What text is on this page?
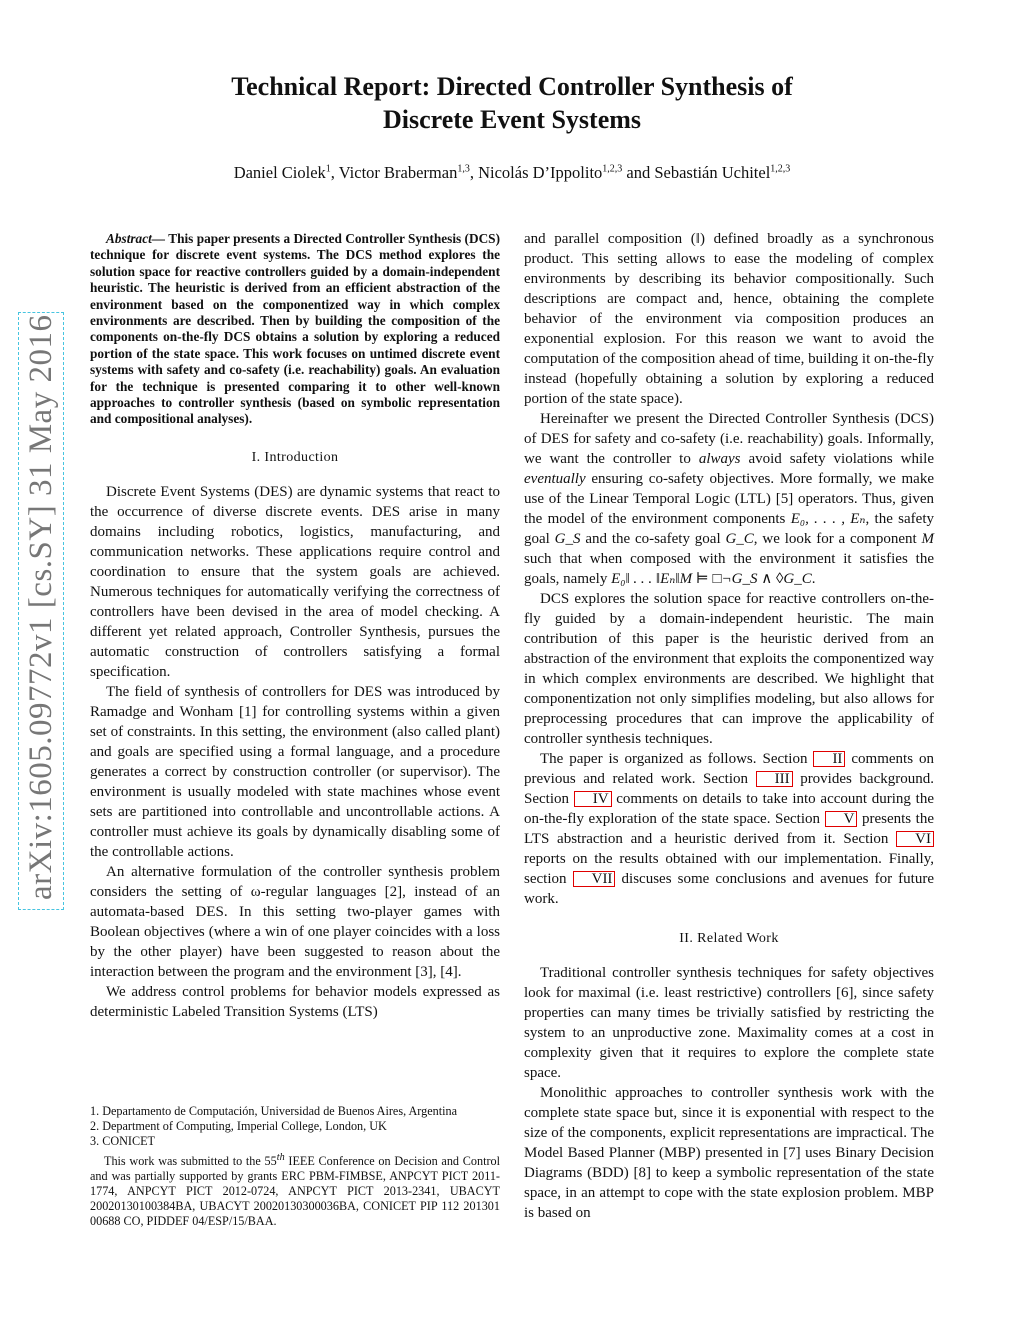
arXiv:1605.09772v1 [cs.SY] 31 May 2016
Technical Report: Directed Controller Synthesis of
Discrete Event Systems
Daniel Ciolek$^1$, Victor Braberman$^{1,3}$, Nicolás D’Ippolito$^{1,2,3}$ and Sebastián Uchitel$^{1,2,3}$

Abstract— This paper presents a Directed Controller Synthesis (DCS) technique for discrete event systems. The DCS method explores the solution space for reactive controllers guided by a domain-independent heuristic. The heuristic is derived from an efficient abstraction of the environment based on the componentized way in which complex environments are described. Then by building the composition of the components on-the-fly DCS obtains a solution by exploring a reduced portion of the state space. This work focuses on untimed discrete event systems with safety and co-safety (i.e. reachability) goals. An evaluation for the technique is presented comparing it to other well-known approaches to controller synthesis (based on symbolic representation and compositional analyses).

I. Introduction

Discrete Event Systems (DES) are dynamic systems that react to the occurrence of diverse discrete events. DES arise in many domains including robotics, logistics, manufacturing, and communication networks. These applications require control and coordination to ensure that the system goals are achieved. Numerous techniques for automatically verifying the correctness of controllers have been devised in the area of model checking. A different yet related approach, Controller Synthesis, pursues the automatic construction of controllers satisfying a formal specification.

The field of synthesis of controllers for DES was introduced by Ramadge and Wonham [1] for controlling systems within a given set of constraints. In this setting, the environment (also called plant) and goals are specified using a formal language, and a procedure generates a correct by construction controller (or supervisor). The environment is usually modeled with state machines whose event sets are partitioned into controllable and uncontrollable actions. A controller must achieve its goals by dynamically disabling some of the controllable actions.

An alternative formulation of the controller synthesis problem considers the setting of ω-regular languages [2], instead of an automata-based DES. In this setting two-player games with Boolean objectives (where a win of one player coincides with a loss by the other player) have been suggested to reason about the interaction between the program and the environment [3], [4].

We address control problems for behavior models expressed as deterministic Labeled Transition Systems (LTS)

1. Departamento de Computación, Universidad de Buenos Aires, Argentina

2. Department of Computing, Imperial College, London, UK

3. CONICET

This work was submitted to the 55th IEEE Conference on Decision and Control and was partially supported by grants ERC PBM-FIMBSE, ANPCYT PICT 2011-1774, ANPCYT PICT 2012-0724, ANPCYT PICT 2013-2341, UBACYT 20020130100384BA, UBACYT 20020130300036BA, CONICET PIP 112 201301 00688 CO, PIDDEF 04/ESP/15/BAA.

and parallel composition (‖) defined broadly as a synchronous product. This setting allows to ease the modeling of complex environments by describing its behavior compositionally. Such descriptions are compact and, hence, obtaining the complete behavior of the environment via composition produces an exponential explosion. For this reason we want to avoid the computation of the composition ahead of time, building it on-the-fly instead (hopefully obtaining a solution by exploring a reduced portion of the state space).

Hereinafter we present the Directed Controller Synthesis (DCS) of DES for safety and co-safety (i.e. reachability) goals. Informally, we want the controller to always avoid safety violations while eventually ensuring co-safety objectives. More formally, we make use of the Linear Temporal Logic (LTL) [5] operators. Thus, given the model of the environment components E₀, . . . , Eₙ, the safety goal G_S and the co-safety goal G_C, we look for a component M such that when composed with the environment it satisfies the goals, namely E₀‖ . . . ‖Eₙ‖M ⊨ □¬G_S ∧ ◊G_C.

DCS explores the solution space for reactive controllers on-the-fly guided by a domain-independent heuristic. The main contribution of this paper is the heuristic derived from an abstraction of the environment that exploits the componentized way in which complex environments are described. We highlight that componentization not only simplifies modeling, but also allows for preprocessing procedures that can improve the applicability of controller synthesis techniques.

The paper is organized as follows. Section II comments on previous and related work. Section III provides background. Section IV comments on details to take into account during the on-the-fly exploration of the state space. Section V presents the LTS abstraction and a heuristic derived from it. Section VI reports on the results obtained with our implementation. Finally, section VII discuses some conclusions and avenues for future work.

II. Related Work

Traditional controller synthesis techniques for safety objectives look for maximal (i.e. least restrictive) controllers [6], since safety properties can many times be trivially satisfied by restricting the system to an unproductive zone. Maximality comes at a cost in complexity given that it requires to explore the complete state space.

Monolithic approaches to controller synthesis work with the complete state space but, since it is exponential with respect to the size of the components, explicit representations are impractical. The Model Based Planner (MBP) presented in [7] uses Binary Decision Diagrams (BDD) [8] to keep a symbolic representation of the state space, in an attempt to cope with the state explosion problem. MBP is based on
